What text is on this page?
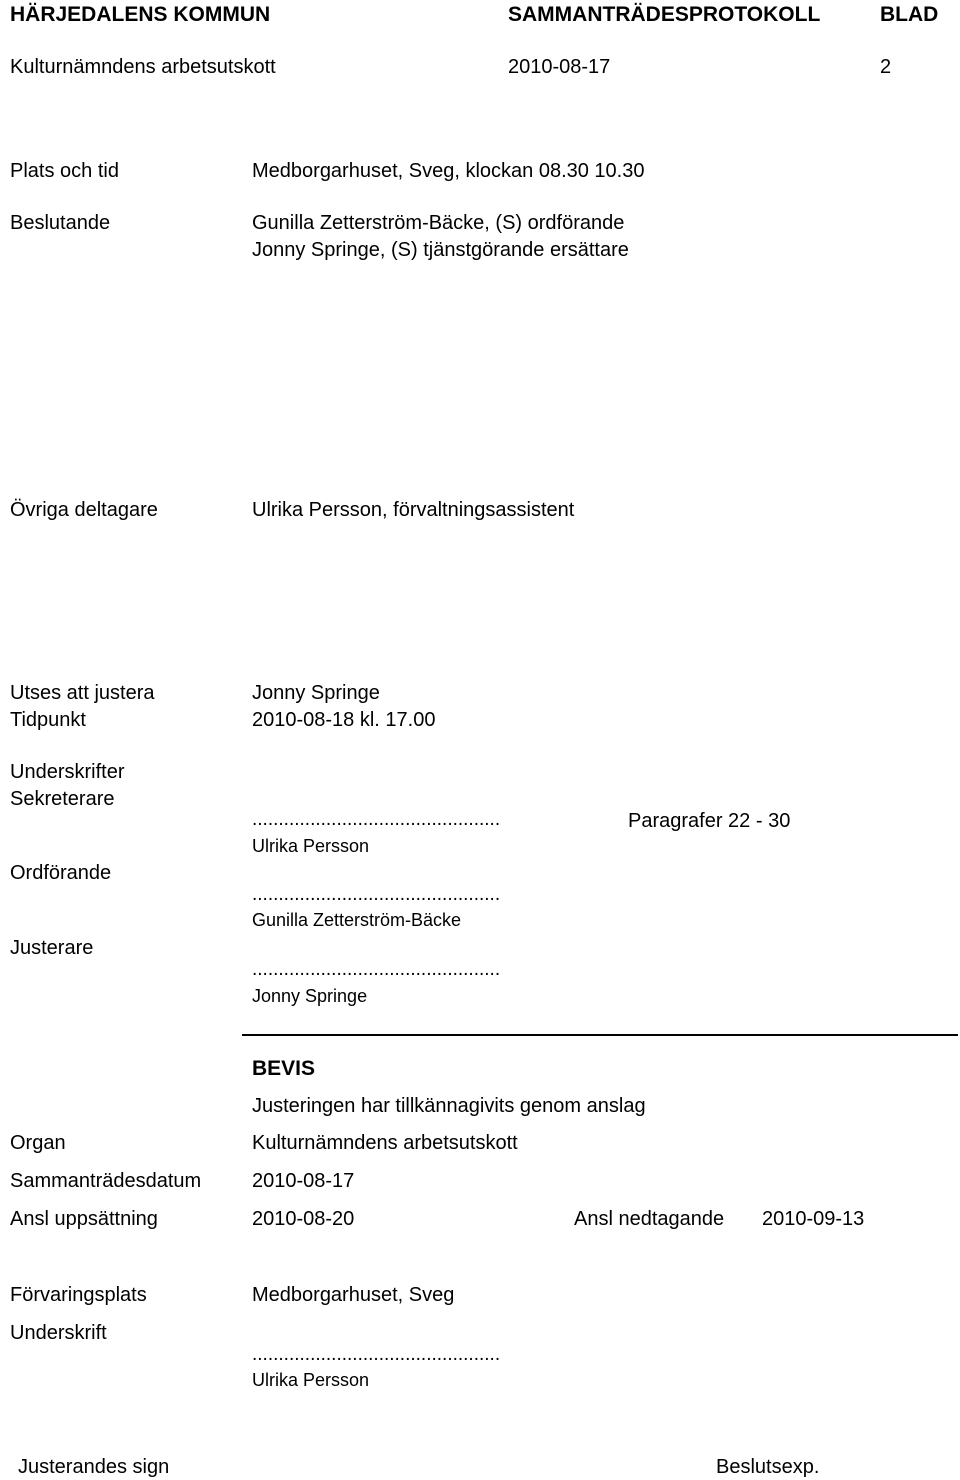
HÄRJEDALENS KOMMUN	SAMMANTRÄDESPROTOKOLL	BLAD
Kulturnämndens arbetsutskott	2010-08-17	2
Plats och tid	Medborgarhuset, Sveg, klockan 08.30 10.30
Beslutande	Gunilla Zetterström-Bäcke, (S) ordförande
Jonny Springe, (S) tjänstgörande ersättare
Övriga deltagare	Ulrika Persson, förvaltningsassistent
Utses att justera	Jonny Springe
Tidpunkt	2010-08-18 kl. 17.00
Underskrifter
Sekreterare
...............................................	Paragrafer 22 - 30
Ulrika Persson
Ordförande
...............................................
Gunilla Zetterström-Bäcke
Justerare
...............................................
Jonny Springe
BEVIS
Justeringen har tillkännagivits genom anslag
Organ	Kulturnämndens arbetsutskott
Sammanträdesdatum	2010-08-17
Ansl uppsättning	2010-08-20	Ansl nedtagande 2010-09-13
Förvaringsplats	Medborgarhuset, Sveg
Underskrift
...............................................
Ulrika Persson
Justerandes sign	Beslutsexp.
